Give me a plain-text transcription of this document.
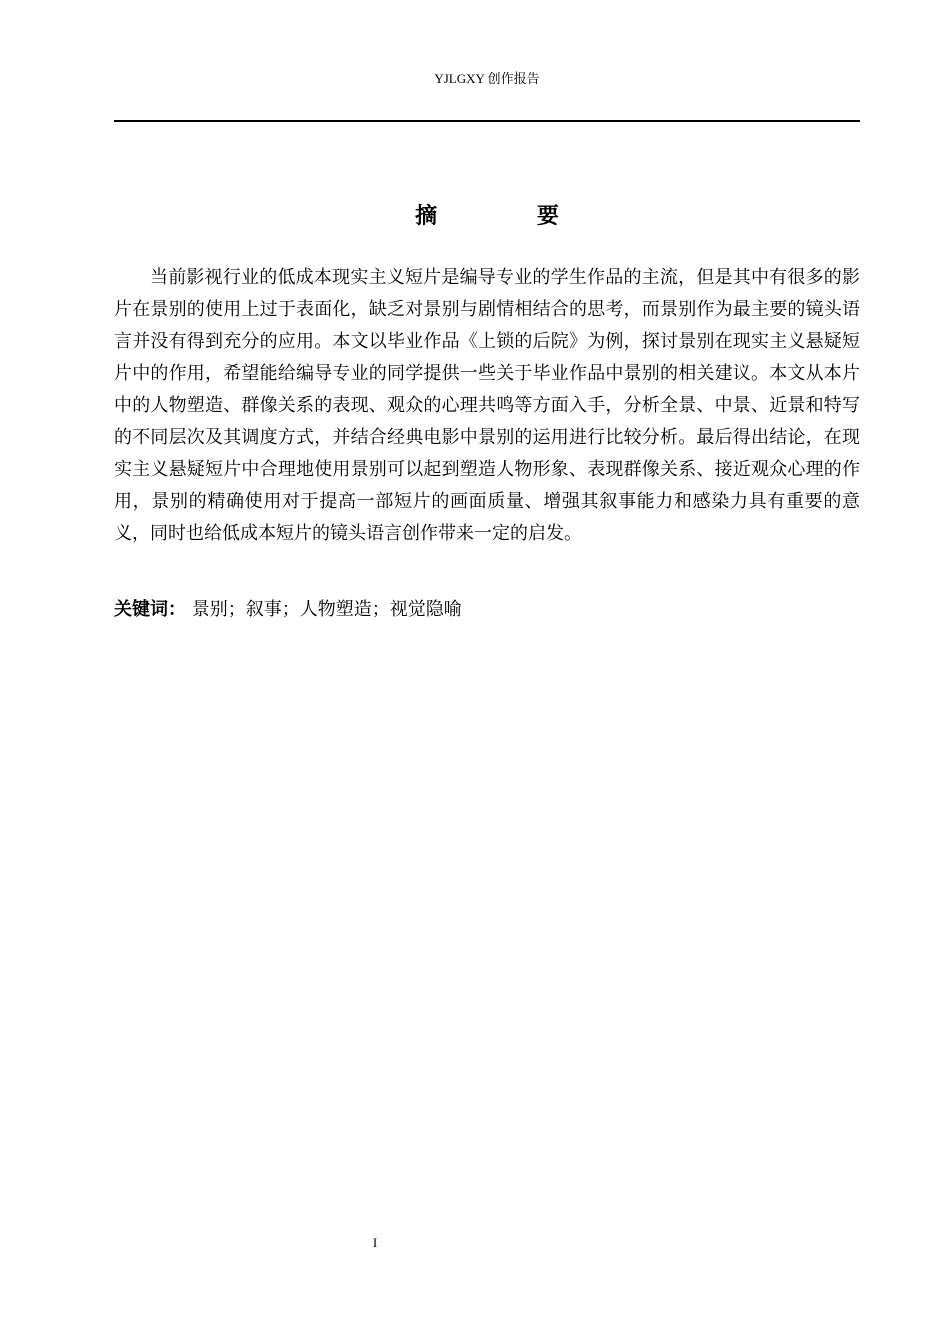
YJLGXY 创作报告
摘 要

当前影视行业的低成本现实主义短片是编导专业的学生作品的主流，但是其中有很多的影片在景别的使用上过于表面化，缺乏对景别与剧情相结合的思考，而景别作为最主要的镜头语言并没有得到充分的应用。本文以毕业作品《上锁的后院》为例，探讨景别在现实主义悬疑短片中的作用，希望能给编导专业的同学提供一些关于毕业作品中景别的相关建议。本文从本片中的人物塑造、群像关系的表现、观众的心理共鸣等方面入手，分析全景、中景、近景和特写的不同层次及其调度方式，并结合经典电影中景别的运用进行比较分析。最后得出结论，在现实主义悬疑短片中合理地使用景别可以起到塑造人物形象、表现群像关系、接近观众心理的作用，景别的精确使用对于提高一部短片的画面质量、增强其叙事能力和感染力具有重要的意义，同时也给低成本短片的镜头语言创作带来一定的启发。

关键词： 景别；叙事；人物塑造；视觉隐喻
I
